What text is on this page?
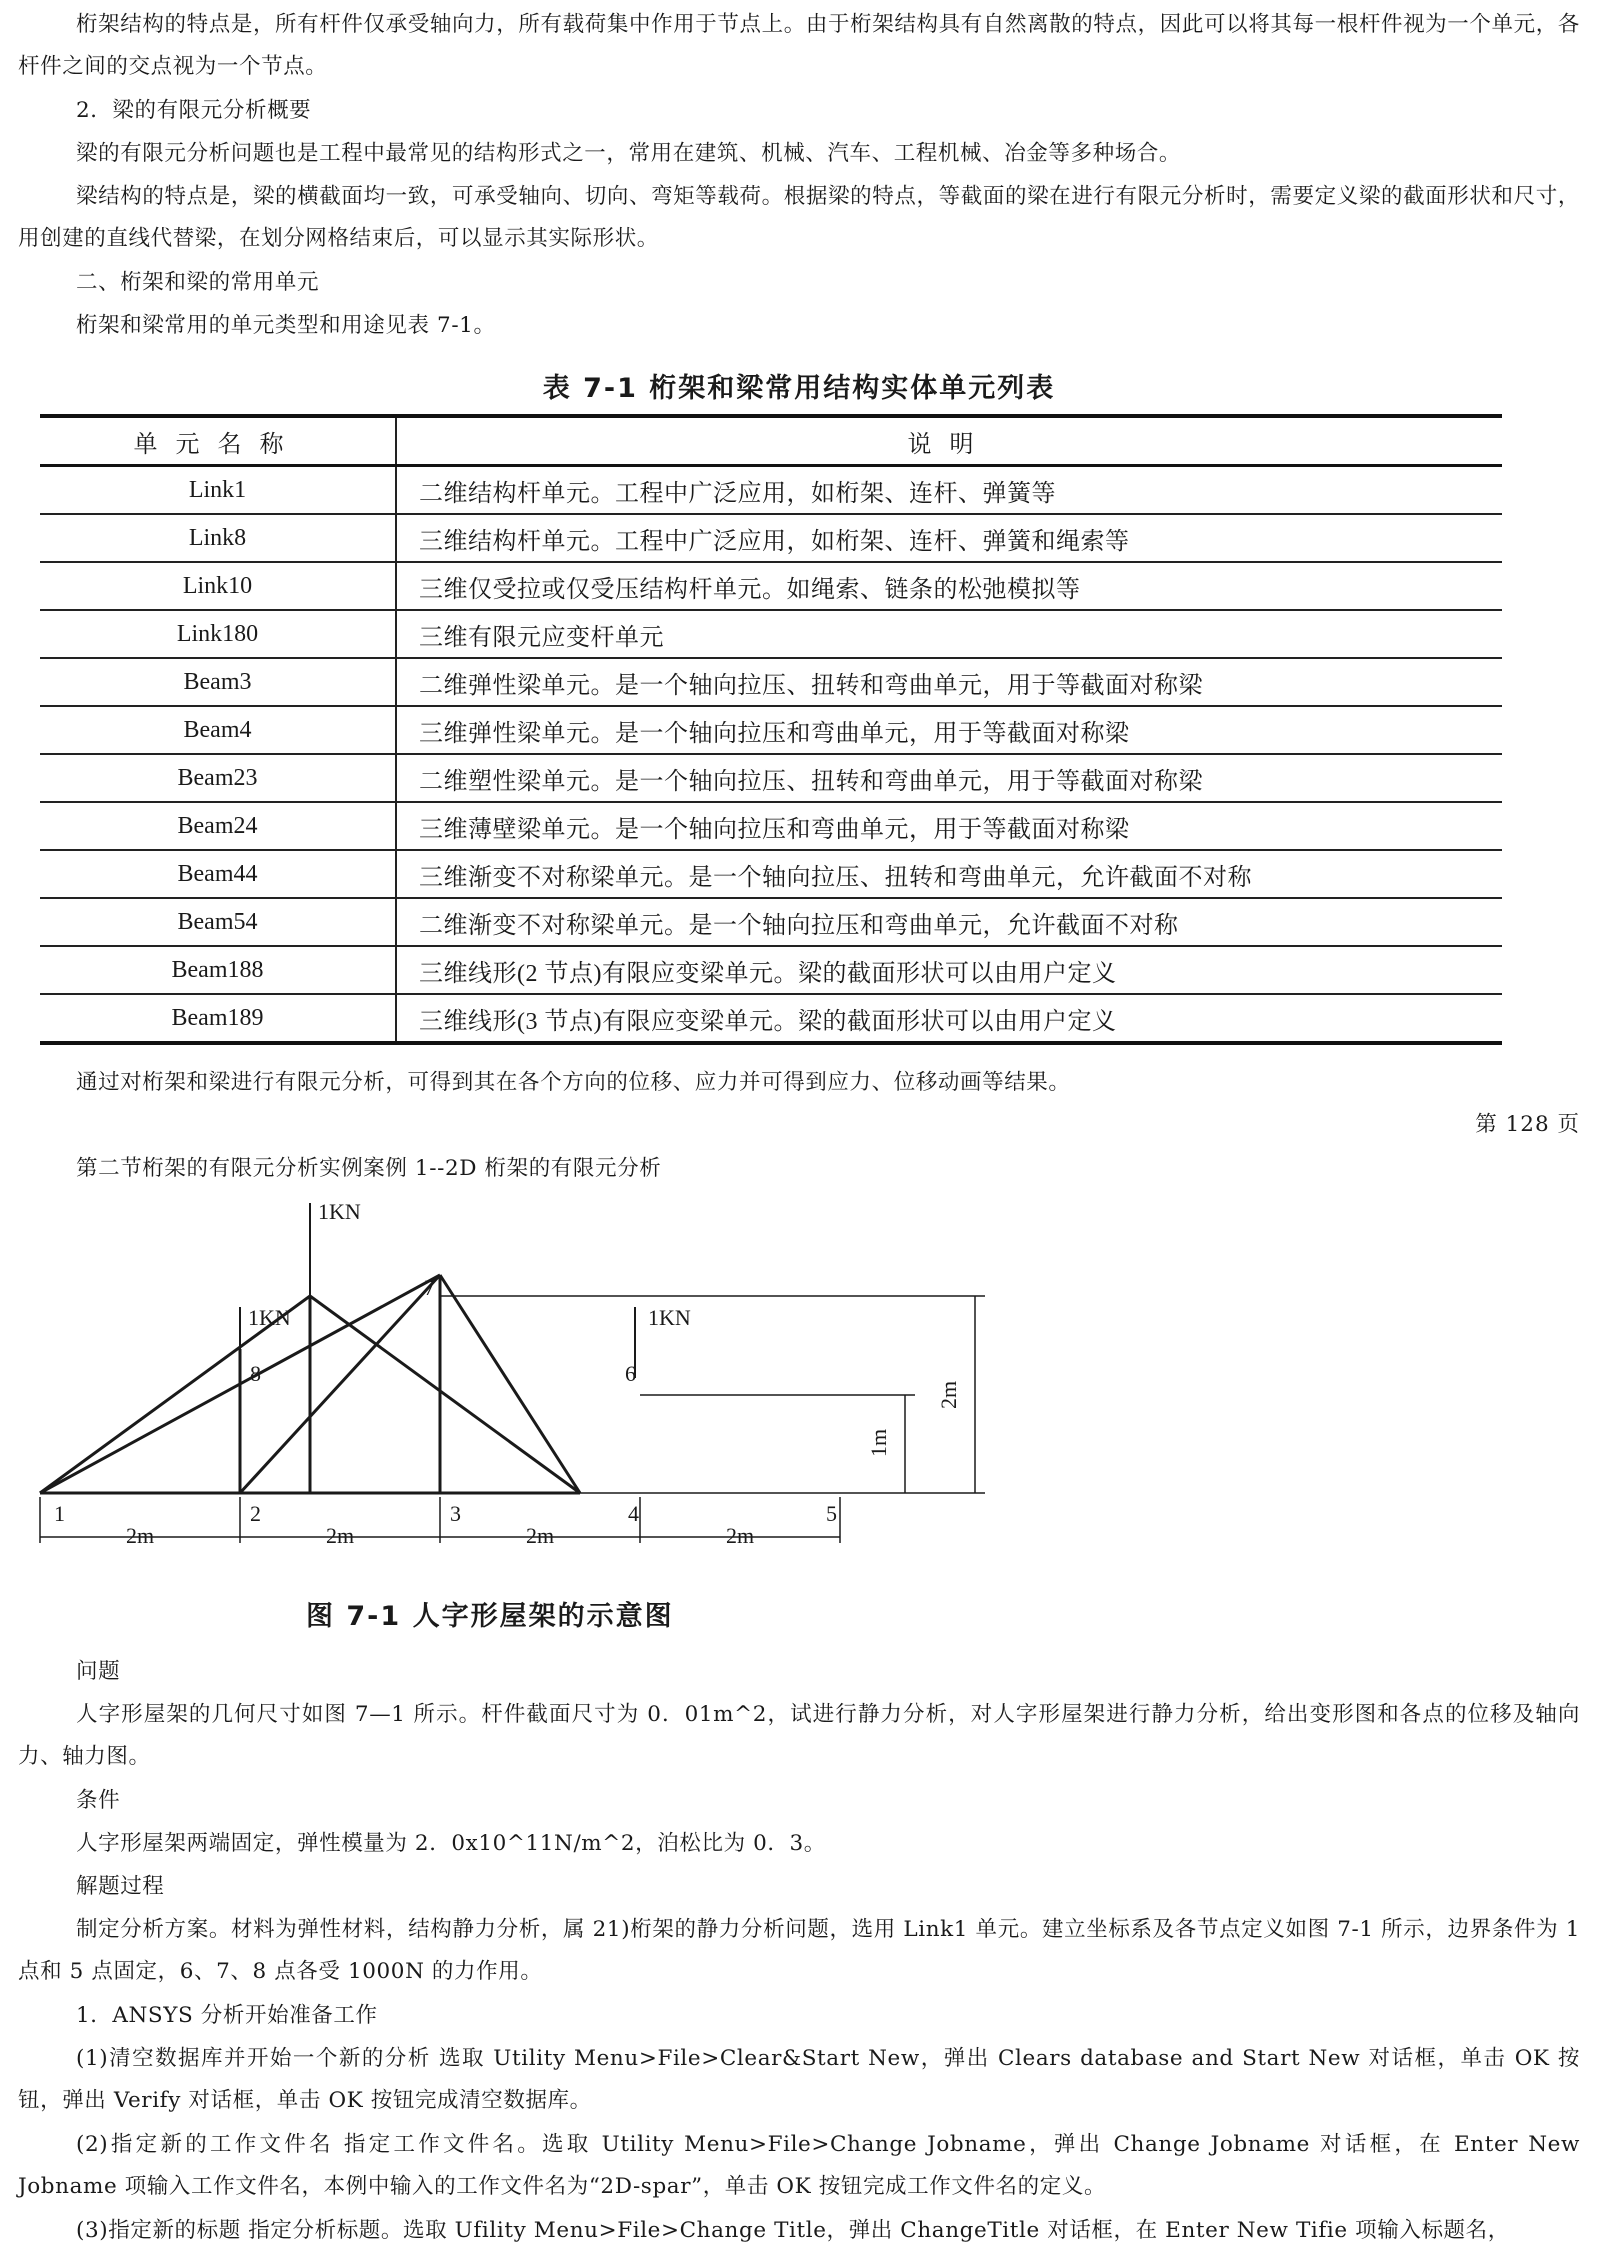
桁架结构的特点是，所有杆件仅承受轴向力，所有载荷集中作用于节点上。由于桁架结构具有自然离散的特点，因此可以将其每一根杆件视为一个单元，各杆件之间的交点视为一个节点。

2．梁的有限元分析概要
梁的有限元分析问题也是工程中最常见的结构形式之一，常用在建筑、机械、汽车、工程机械、冶金等多种场合。

梁结构的特点是，梁的横截面均一致，可承受轴向、切向、弯矩等载荷。根据梁的特点，等截面的梁在进行有限元分析时，需要定义梁的截面形状和尺寸，用创建的直线代替梁，在划分网格结束后，可以显示其实际形状。

二、桁架和梁的常用单元
桁架和梁常用的单元类型和用途见表 7-1。
表 7-1 桁架和梁常用结构实体单元列表
单元名称	说明
Link1	二维结构杆单元。工程中广泛应用，如桁架、连杆、弹簧等
Link8	三维结构杆单元。工程中广泛应用，如桁架、连杆、弹簧和绳索等
Link10	三维仅受拉或仅受压结构杆单元。如绳索、链条的松弛模拟等
Link180	三维有限元应变杆单元
Beam3	二维弹性梁单元。是一个轴向拉压、扭转和弯曲单元，用于等截面对称梁
Beam4	三维弹性梁单元。是一个轴向拉压和弯曲单元，用于等截面对称梁
Beam23	二维塑性梁单元。是一个轴向拉压、扭转和弯曲单元，用于等截面对称梁
Beam24	三维薄壁梁单元。是一个轴向拉压和弯曲单元，用于等截面对称梁
Beam44	三维渐变不对称梁单元。是一个轴向拉压、扭转和弯曲单元，允许截面不对称
Beam54	二维渐变不对称梁单元。是一个轴向拉压和弯曲单元，允许截面不对称
Beam188	三维线形(2 节点)有限应变梁单元。梁的截面形状可以由用户定义
Beam189	三维线形(3 节点)有限应变梁单元。梁的截面形状可以由用户定义
通过对桁架和梁进行有限元分析，可得到其在各个方向的位移、应力并可得到应力、位移动画等结果。
第 128 页
第二节桁架的有限元分析实例案例 1--2D 桁架的有限元分析
1KN
1KN	1KN
1	2	3	4	5
6
7
8
2m	2m	2m	2m
1m
2m
图 7-1 人字形屋架的示意图
问题

人字形屋架的几何尺寸如图 7—1 所示。杆件截面尺寸为 0．01m^2，试进行静力分析，对人字形屋架进行静力分析，给出变形图和各点的位移及轴向力、轴力图。

条件
人字形屋架两端固定，弹性模量为 2．0x10^11N/m^2，泊松比为 0．3。
解题过程

制定分析方案。材料为弹性材料，结构静力分析，属 21)桁架的静力分析问题，选用 Link1 单元。建立坐标系及各节点定义如图 7-1 所示，边界条件为 1 点和 5 点固定，6、7、8 点各受 1000N 的力作用。

1．ANSYS 分析开始准备工作

(1)清空数据库并开始一个新的分析 选取 Utility Menu>File>Clear&Start New，弹出 Clears database and Start New 对话框，单击 OK 按钮，弹出 Verify 对话框，单击 OK 按钮完成清空数据库。

(2)指定新的工作文件名 指定工作文件名。选取 Utility Menu>File>Change Jobname，弹出 Change Jobname 对话框，在 Enter New Jobname 项输入工作文件名，本例中输入的工作文件名为“2D-spar”，单击 OK 按钮完成工作文件名的定义。

(3)指定新的标题 指定分析标题。选取 Ufility Menu>File>Change Title，弹出 ChangeTitle 对话框，在 Enter New Tifie 项输入标题名，
